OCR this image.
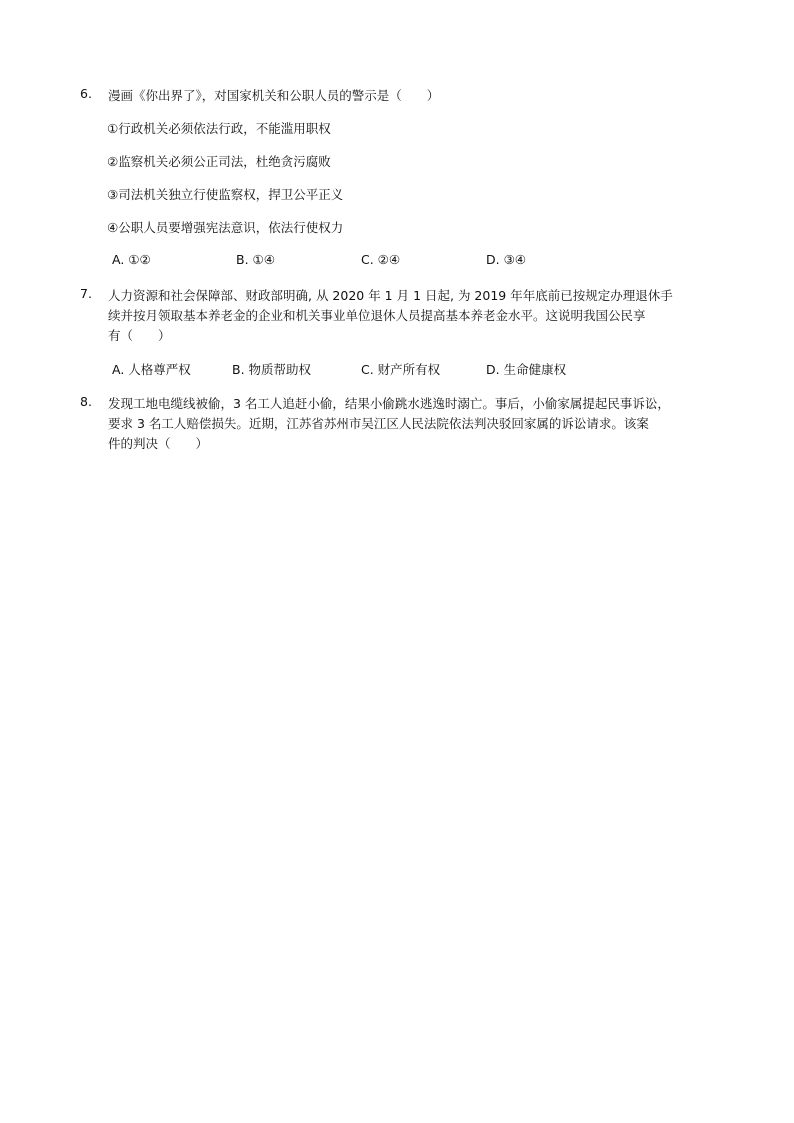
6.	漫画《你出界了》，对国家机关和公职人员的警示是（　　）
①行政机关必须依法行政，不能滥用职权
②监察机关必须公正司法，杜绝贪污腐败
③司法机关独立行使监察权，捍卫公平正义
④公职人员要增强宪法意识，依法行使权力
A. ①②	B. ①④	C. ②④	D. ③④
7.	人力资源和社会保障部、财政部明确, 从 2020 年 1 月 1 日起, 为 2019 年年底前已按规定办理退休手
续并按月领取基本养老金的企业和机关事业单位退休人员提高基本养老金水平。这说明我国公民享
有（　　）
A. 人格尊严权	B. 物质帮助权	C. 财产所有权	D. 生命健康权
8.	发现工地电缆线被偷，3 名工人追赶小偷，结果小偷跳水逃逸时溺亡。事后，小偷家属提起民事诉讼，
要求 3 名工人赔偿损失。近期，江苏省苏州市吴江区人民法院依法判决驳回家属的诉讼请求。该案
件的判决（　　）
